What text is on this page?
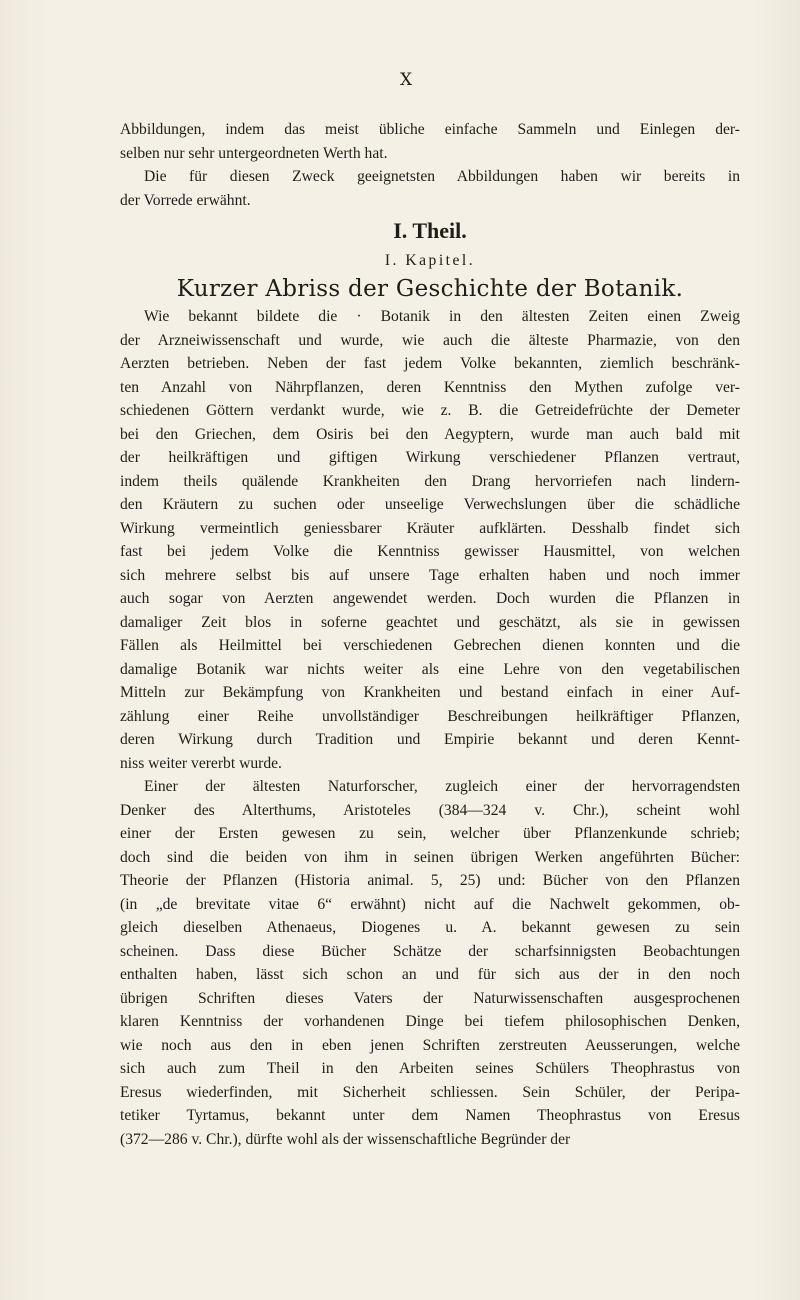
X
Abbildungen, indem das meist übliche einfache Sammeln und Einlegen der-
selben nur sehr untergeordneten Werth hat.
Die für diesen Zweck geeignetsten Abbildungen haben wir bereits in
der Vorrede erwähnt.
I. Theil.
I. Kapitel.
Kurzer Abriss der Geschichte der Botanik.
Wie bekannt bildete die · Botanik in den ältesten Zeiten einen Zweig
der Arzneiwissenschaft und wurde, wie auch die älteste Pharmazie, von den
Aerzten betrieben. Neben der fast jedem Volke bekannten, ziemlich beschränk-
ten Anzahl von Nährpflanzen, deren Kenntniss den Mythen zufolge ver-
schiedenen Göttern verdankt wurde, wie z. B. die Getreidefrüchte der Demeter
bei den Griechen, dem Osiris bei den Aegyptern, wurde man auch bald mit
der heilkräftigen und giftigen Wirkung verschiedener Pflanzen vertraut,
indem theils quälende Krankheiten den Drang hervorriefen nach lindern-
den Kräutern zu suchen oder unseelige Verwechslungen über die schädliche
Wirkung vermeintlich geniessbarer Kräuter aufklärten. Desshalb findet sich
fast bei jedem Volke die Kenntniss gewisser Hausmittel, von welchen
sich mehrere selbst bis auf unsere Tage erhalten haben und noch immer
auch sogar von Aerzten angewendet werden. Doch wurden die Pflanzen in
damaliger Zeit blos in soferne geachtet und geschätzt, als sie in gewissen
Fällen als Heilmittel bei verschiedenen Gebrechen dienen konnten und die
damalige Botanik war nichts weiter als eine Lehre von den vegetabilischen
Mitteln zur Bekämpfung von Krankheiten und bestand einfach in einer Auf-
zählung einer Reihe unvollständiger Beschreibungen heilkräftiger Pflanzen,
deren Wirkung durch Tradition und Empirie bekannt und deren Kennt-
niss weiter vererbt wurde.
Einer der ältesten Naturforscher, zugleich einer der hervorragendsten
Denker des Alterthums, Aristoteles (384—324 v. Chr.), scheint wohl
einer der Ersten gewesen zu sein, welcher über Pflanzenkunde schrieb;
doch sind die beiden von ihm in seinen übrigen Werken angeführten Bücher:
Theorie der Pflanzen (Historia animal. 5, 25) und: Bücher von den Pflanzen
(in „de brevitate vitae 6“ erwähnt) nicht auf die Nachwelt gekommen, ob-
gleich dieselben Athenaeus, Diogenes u. A. bekannt gewesen zu sein
scheinen. Dass diese Bücher Schätze der scharfsinnigsten Beobachtungen
enthalten haben, lässt sich schon an und für sich aus der in den noch
übrigen Schriften dieses Vaters der Naturwissenschaften ausgesprochenen
klaren Kenntniss der vorhandenen Dinge bei tiefem philosophischen Denken,
wie noch aus den in eben jenen Schriften zerstreuten Aeusserungen, welche
sich auch zum Theil in den Arbeiten seines Schülers Theophrastus von
Eresus wiederfinden, mit Sicherheit schliessen. Sein Schüler, der Peripa-
tetiker Tyrtamus, bekannt unter dem Namen Theophrastus von Eresus
(372—286 v. Chr.), dürfte wohl als der wissenschaftliche Begründer der
